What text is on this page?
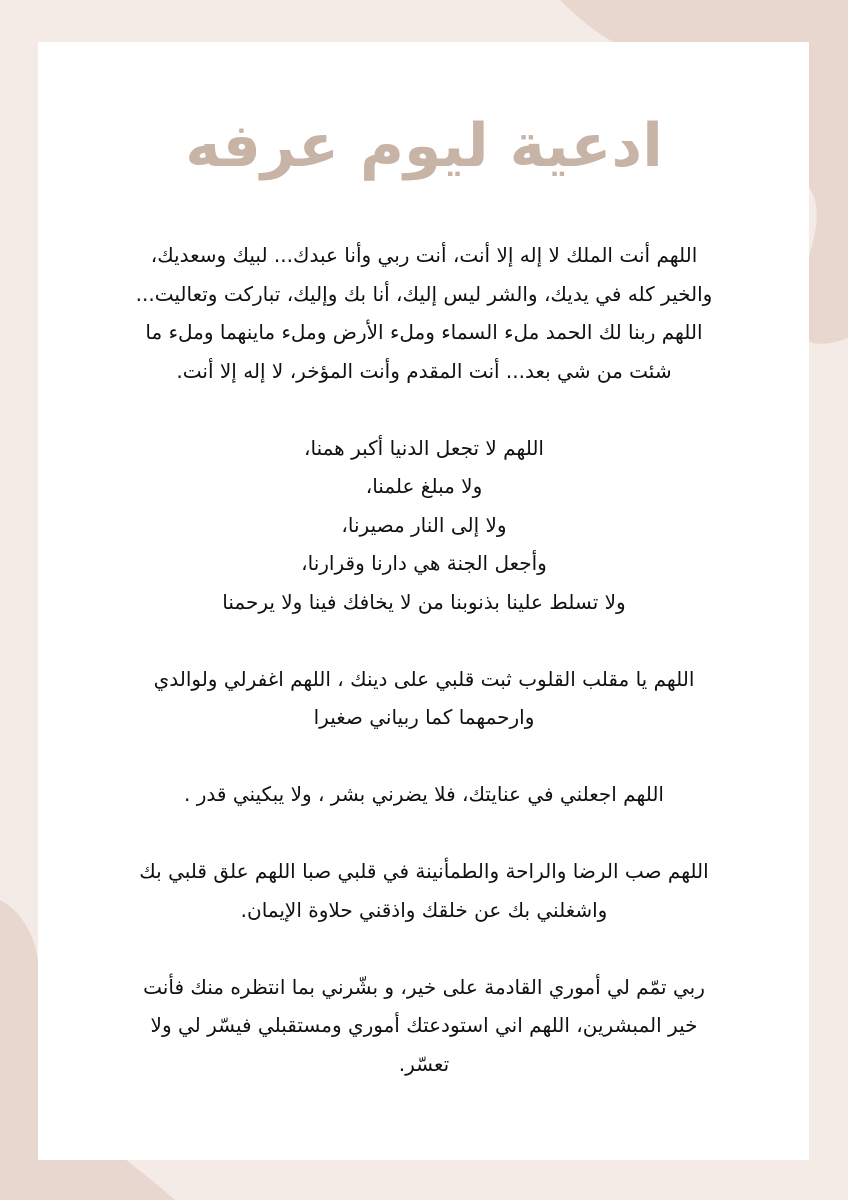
ادعية ليوم عرفه

اللهم أنت الملك لا إله إلا أنت، أنت ربي وأنا عبدك... لبيك وسعديك، والخير كله في يديك، والشر ليس إليك، أنا بك وإليك، تباركت وتعاليت... اللهم ربنا لك الحمد ملء السماء وملء الأرض وملء ماينهما وملء ما شئت من شي بعد... أنت المقدم وأنت المؤخر، لا إله إلا أنت.

اللهم لا تجعل الدنيا أكبر همنا،
ولا مبلغ علمنا،
ولا إلى النار مصيرنا،
وأجعل الجنة هي دارنا وقرارنا،
ولا تسلط علينا بذنوبنا من لا يخافك فينا ولا يرحمنا

اللهم يا مقلب القلوب ثبت قلبي على دينك ، اللهم اغفرلي ولوالدي وارحمهما كما ربياني صغيرا

اللهم اجعلني في عنايتك، فلا يضرني بشر ، ولا يبكيني قدر .

اللهم صب الرضا والراحة والطمأنينة في قلبي صبا اللهم علق قلبي بك واشغلني بك عن خلقك واذقني حلاوة الإيمان.

ربي تمّم لي أموري القادمة على خير، و بشّرني بما انتظره منك فأنت خير المبشرين، اللهم اني استودعتك أموري ومستقبلي فيسّر لي ولا تعسّر.
